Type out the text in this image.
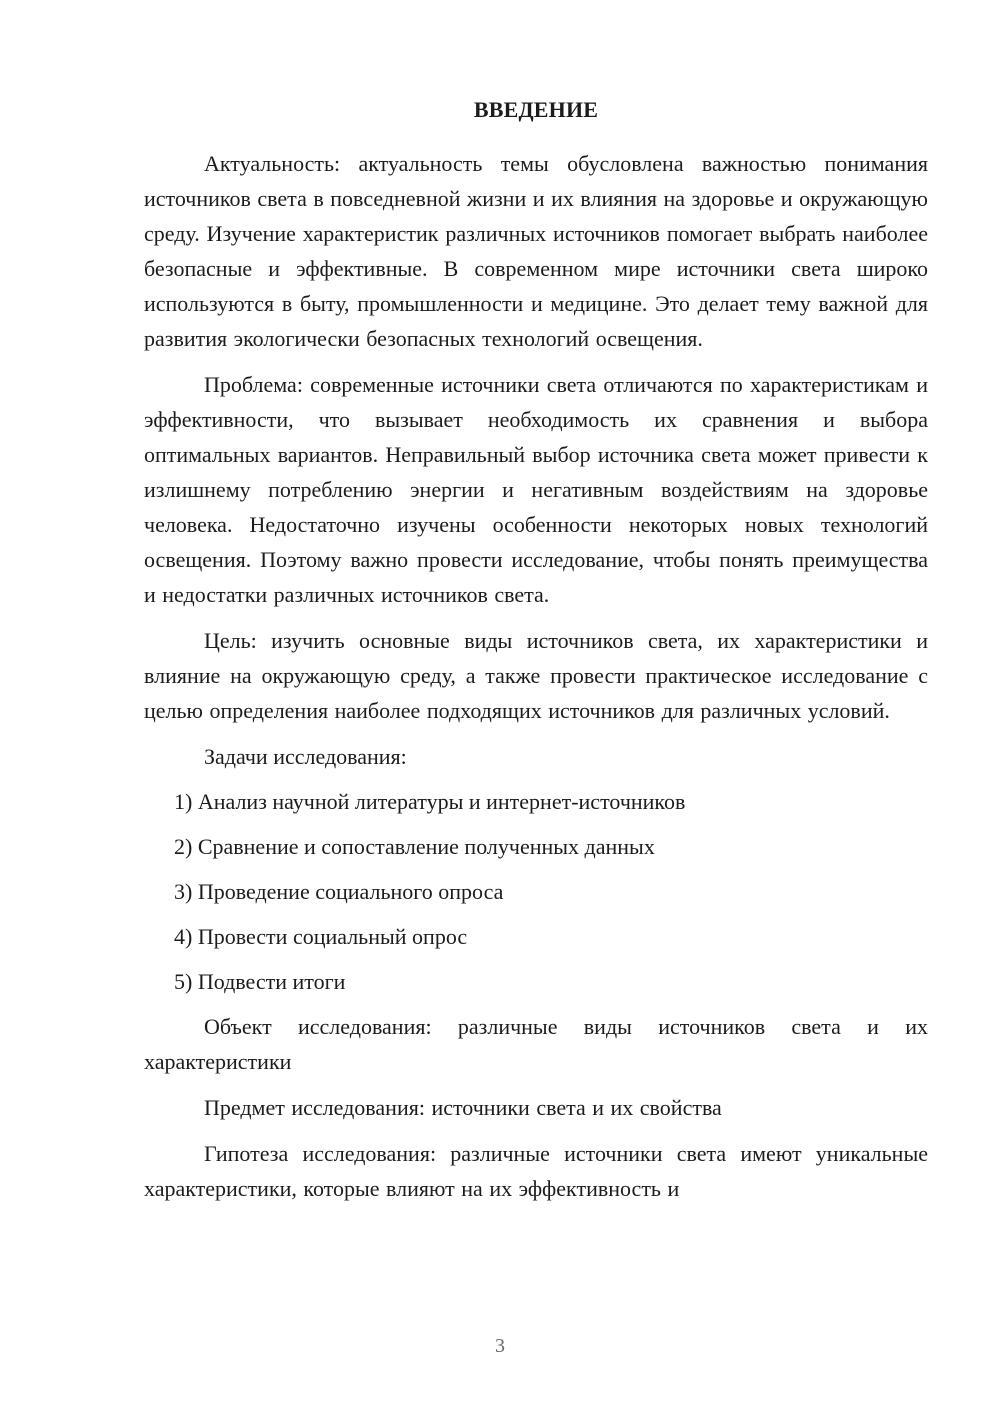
ВВЕДЕНИЕ

Актуальность: актуальность темы обусловлена важностью понимания источников света в повседневной жизни и их влияния на здоровье и окружающую среду. Изучение характеристик различных источников помогает выбрать наиболее безопасные и эффективные. В современном мире источники света широко используются в быту, промышленности и медицине. Это делает тему важной для развития экологически безопасных технологий освещения.

Проблема: современные источники света отличаются по характеристикам и эффективности, что вызывает необходимость их сравнения и выбора оптимальных вариантов. Неправильный выбор источника света может привести к излишнему потреблению энергии и негативным воздействиям на здоровье человека. Недостаточно изучены особенности некоторых новых технологий освещения. Поэтому важно провести исследование, чтобы понять преимущества и недостатки различных источников света.

Цель: изучить основные виды источников света, их характеристики и влияние на окружающую среду, а также провести практическое исследование с целью определения наиболее подходящих источников для различных условий.

Задачи исследования:

1) Анализ научной литературы и интернет-источников

2) Сравнение и сопоставление полученных данных

3) Проведение социального опроса

4) Провести социальный опрос

5) Подвести итоги

Объект исследования: различные виды источников света и их характеристики

Предмет исследования: источники света и их свойства

Гипотеза исследования: различные источники света имеют уникальные характеристики, которые влияют на их эффективность и

3
